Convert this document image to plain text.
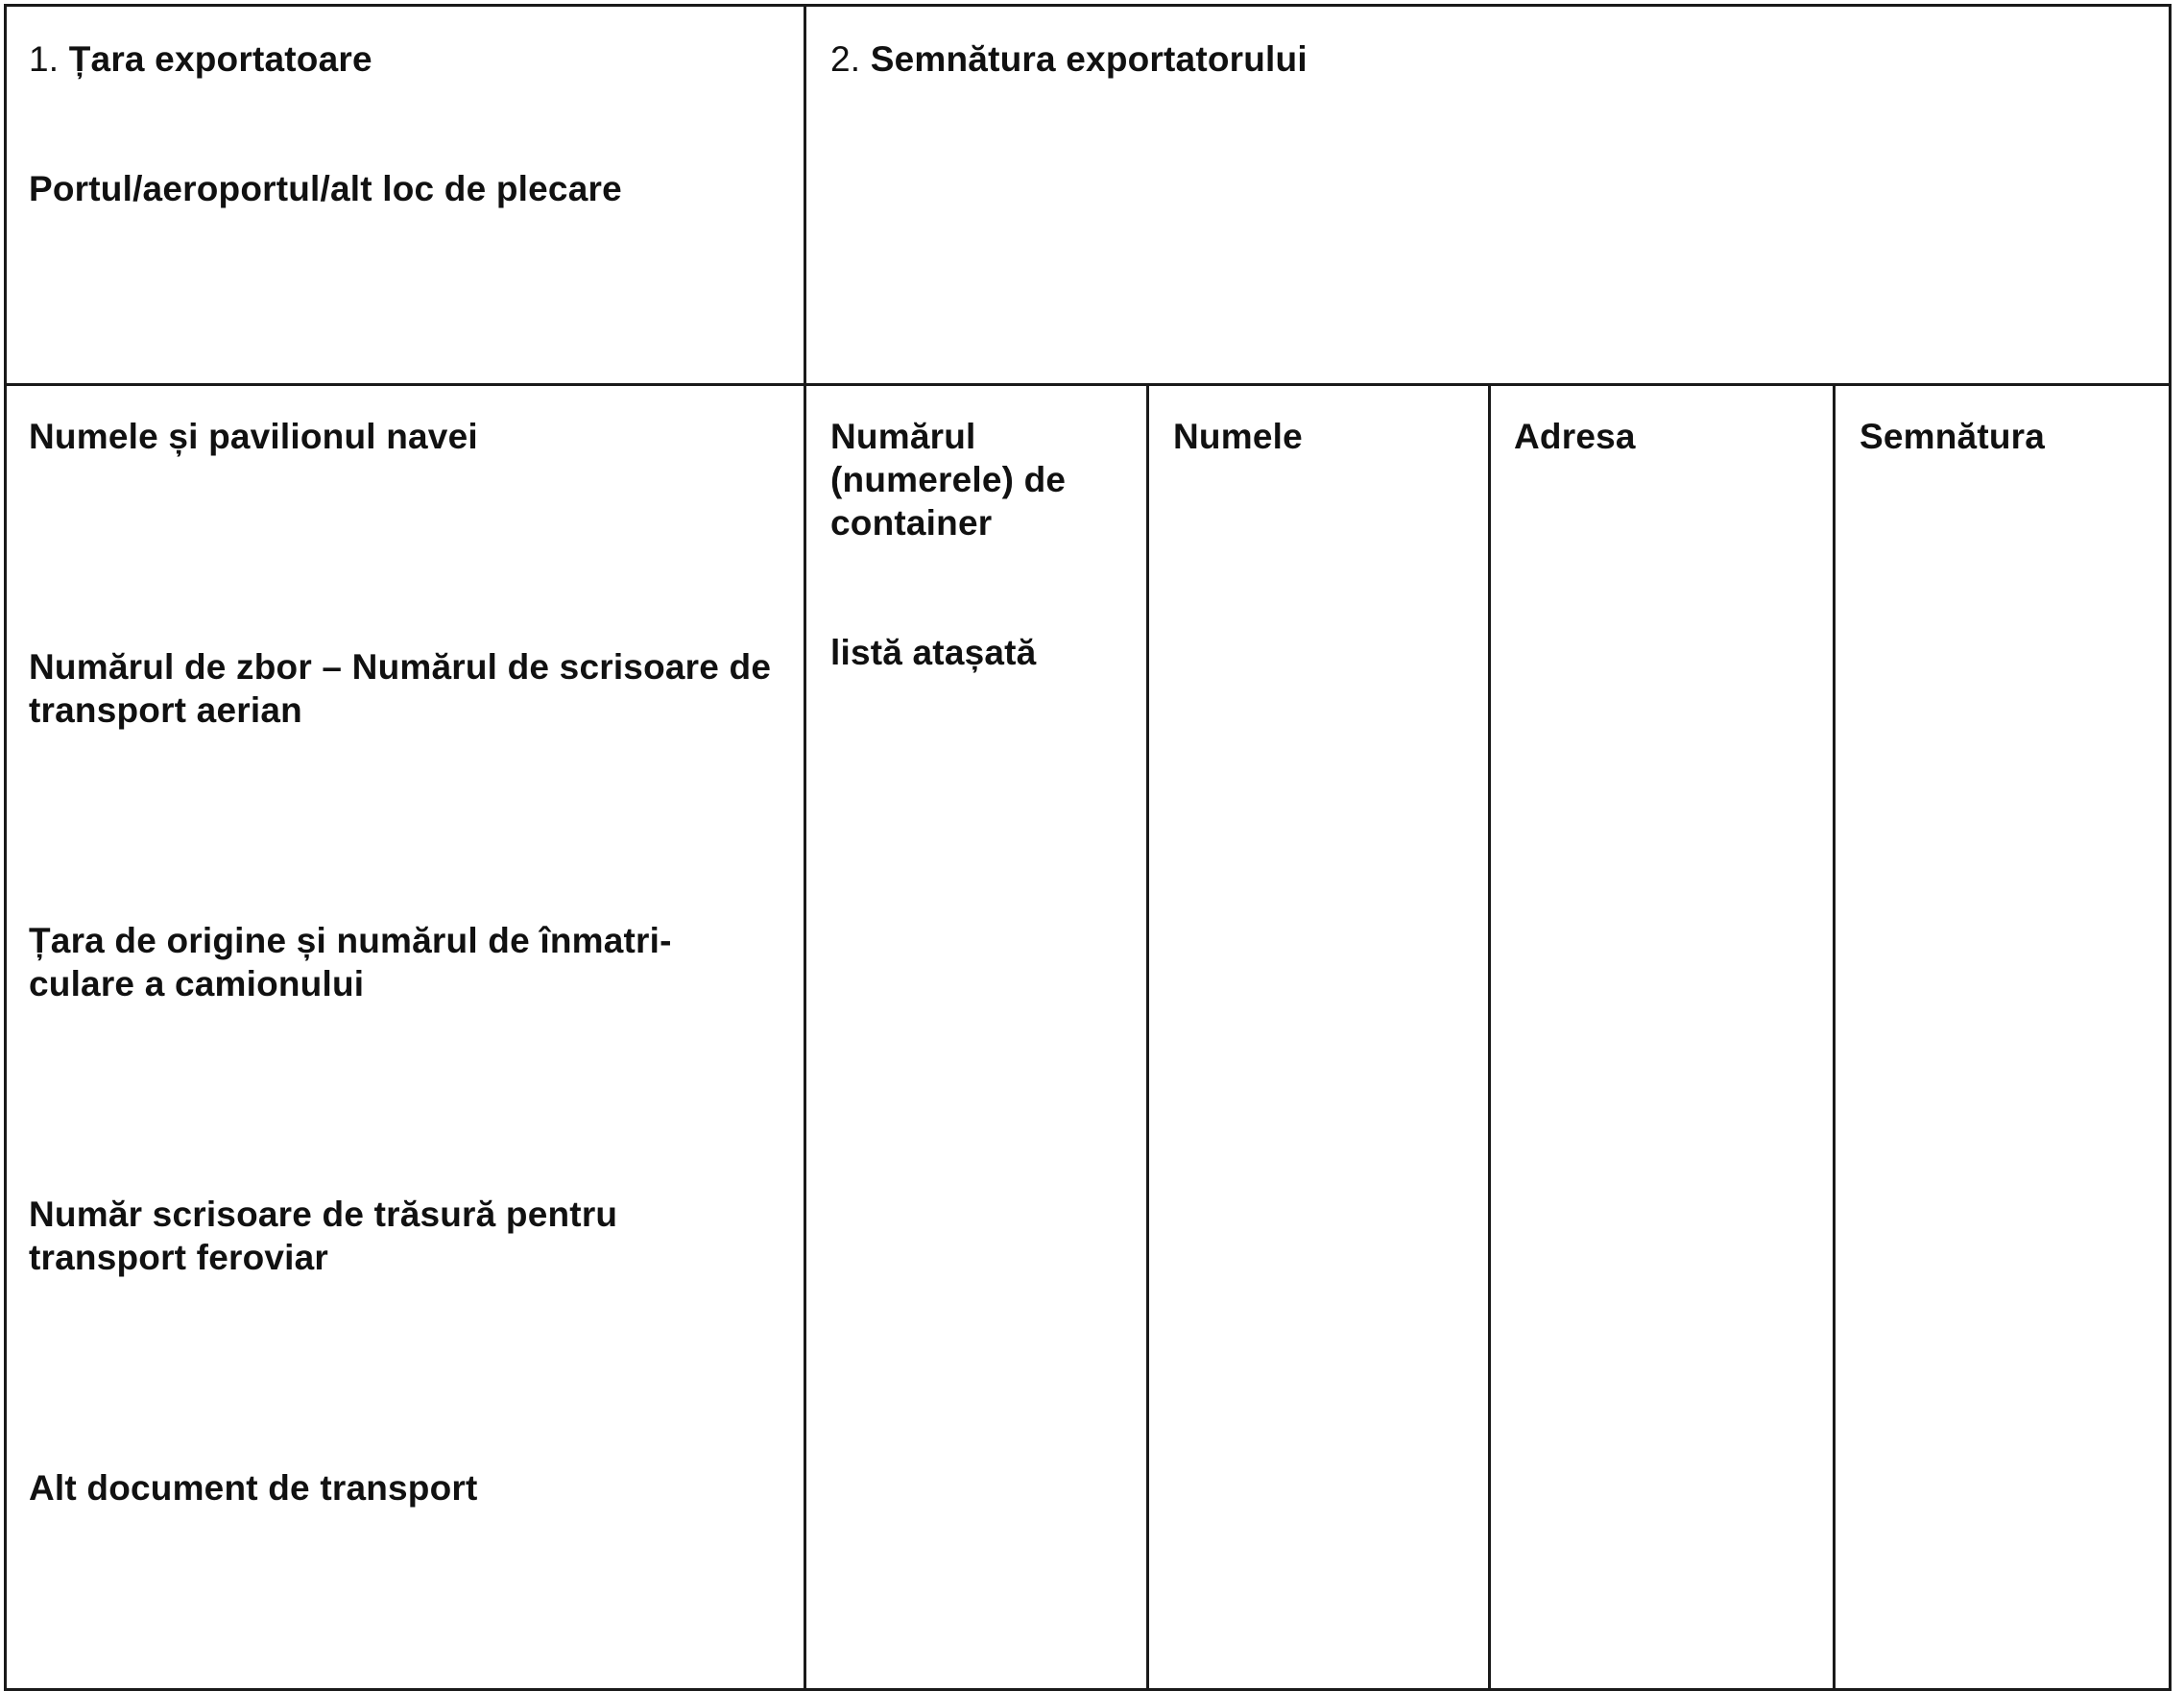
1. Țara exportatoare
Portul/aeroportul/alt loc de plecare
2. Semnătura exportatorului
Numele și pavilionul navei
Numărul de zbor – Numărul de scrisoare de transport aerian
Țara de origine și numărul de înmatri-
culare a camionului
Număr scrisoare de trăsură pentru transport feroviar
Alt document de transport
Numărul (numerele) de container
listă atașată
Numele	Adresa	Semnătura
